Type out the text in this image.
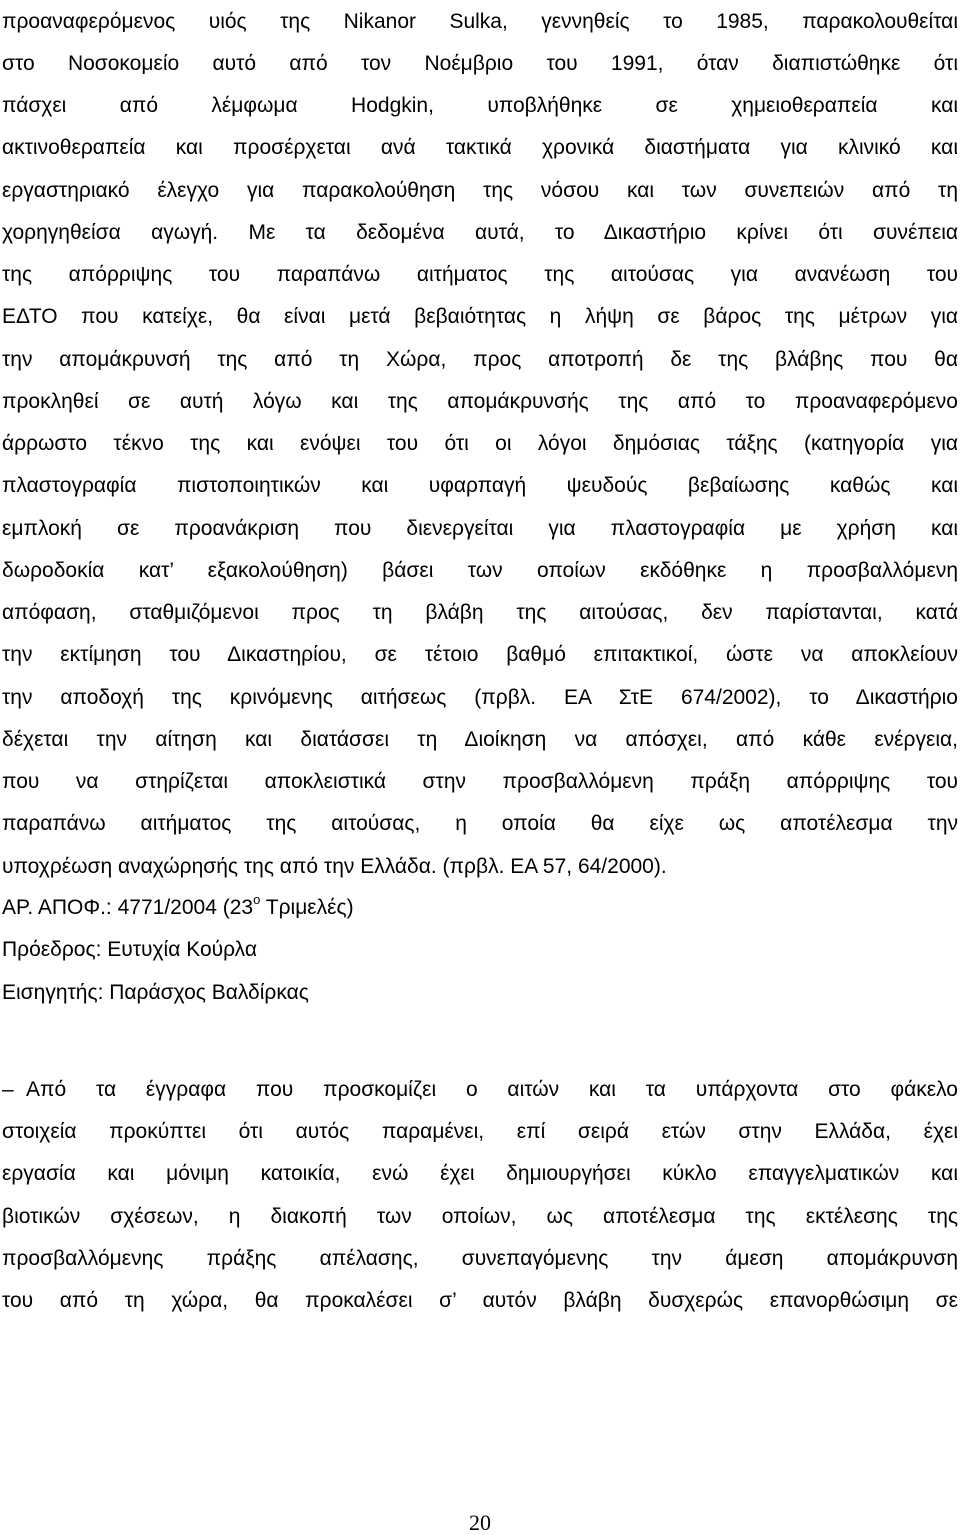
προαναφερόμενος υιός της Nikanor Sulka, γεννηθείς το 1985, παρακολουθείται
στο Νοσοκομείο αυτό από τον Νοέμβριο του 1991, όταν διαπιστώθηκε ότι
πάσχει από λέμφωμα Hodgkin, υποβλήθηκε σε χημειοθεραπεία και
ακτινοθεραπεία και προσέρχεται ανά τακτικά χρονικά διαστήματα για κλινικό και
εργαστηριακό έλεγχο για παρακολούθηση της νόσου και των συνεπειών από τη
χορηγηθείσα αγωγή. Με τα δεδομένα αυτά, το Δικαστήριο κρίνει ότι συνέπεια
της απόρριψης του παραπάνω αιτήματος της αιτούσας για ανανέωση του
ΕΔΤΟ που κατείχε, θα είναι μετά βεβαιότητας η λήψη σε βάρος της μέτρων για
την απομάκρυνσή της από τη Χώρα, προς αποτροπή δε της βλάβης που θα
προκληθεί σε αυτή λόγω και της απομάκρυνσής της από το προαναφερόμενο
άρρωστο τέκνο της και ενόψει του ότι οι λόγοι δημόσιας τάξης (κατηγορία για
πλαστογραφία πιστοποιητικών και υφαρπαγή ψευδούς βεβαίωσης καθώς και
εμπλοκή σε προανάκριση που διενεργείται για πλαστογραφία με χρήση και
δωροδοκία κατ’ εξακολούθηση) βάσει των οποίων εκδόθηκε η προσβαλλόμενη
απόφαση, σταθμιζόμενοι προς τη βλάβη της αιτούσας, δεν παρίστανται, κατά
την εκτίμηση του Δικαστηρίου, σε τέτοιο βαθμό επιτακτικοί, ώστε να αποκλείουν
την αποδοχή της κρινόμενης αιτήσεως (πρβλ. ΕΑ ΣτΕ 674/2002), το Δικαστήριο
δέχεται την αίτηση και διατάσσει τη Διοίκηση να απόσχει, από κάθε ενέργεια,
που να στηρίζεται αποκλειστικά στην προσβαλλόμενη πράξη απόρριψης του
παραπάνω αιτήματος της αιτούσας, η οποία θα είχε ως αποτέλεσμα την
υποχρέωση αναχώρησής της από την Ελλάδα. (πρβλ. ΕΑ 57, 64/2000).
ΑΡ. ΑΠΟΦ.: 4771/2004 ($23^o$ Τριμελές)
Πρόεδρος: Ευτυχία Κούρλα
Εισηγητής: Παράσχος Βαλδίρκας
– Από τα έγγραφα που προσκομίζει ο αιτών και τα υπάρχοντα στο φάκελο
στοιχεία προκύπτει ότι αυτός παραμένει, επί σειρά ετών στην Ελλάδα, έχει
εργασία και μόνιμη κατοικία, ενώ έχει δημιουργήσει κύκλο επαγγελματικών και
βιοτικών σχέσεων, η διακοπή των οποίων, ως αποτέλεσμα της εκτέλεσης της
προσβαλλόμενης πράξης απέλασης, συνεπαγόμενης την άμεση απομάκρυνση
του από τη χώρα, θα προκαλέσει σ’ αυτόν βλάβη δυσχερώς επανορθώσιμη σε
20
